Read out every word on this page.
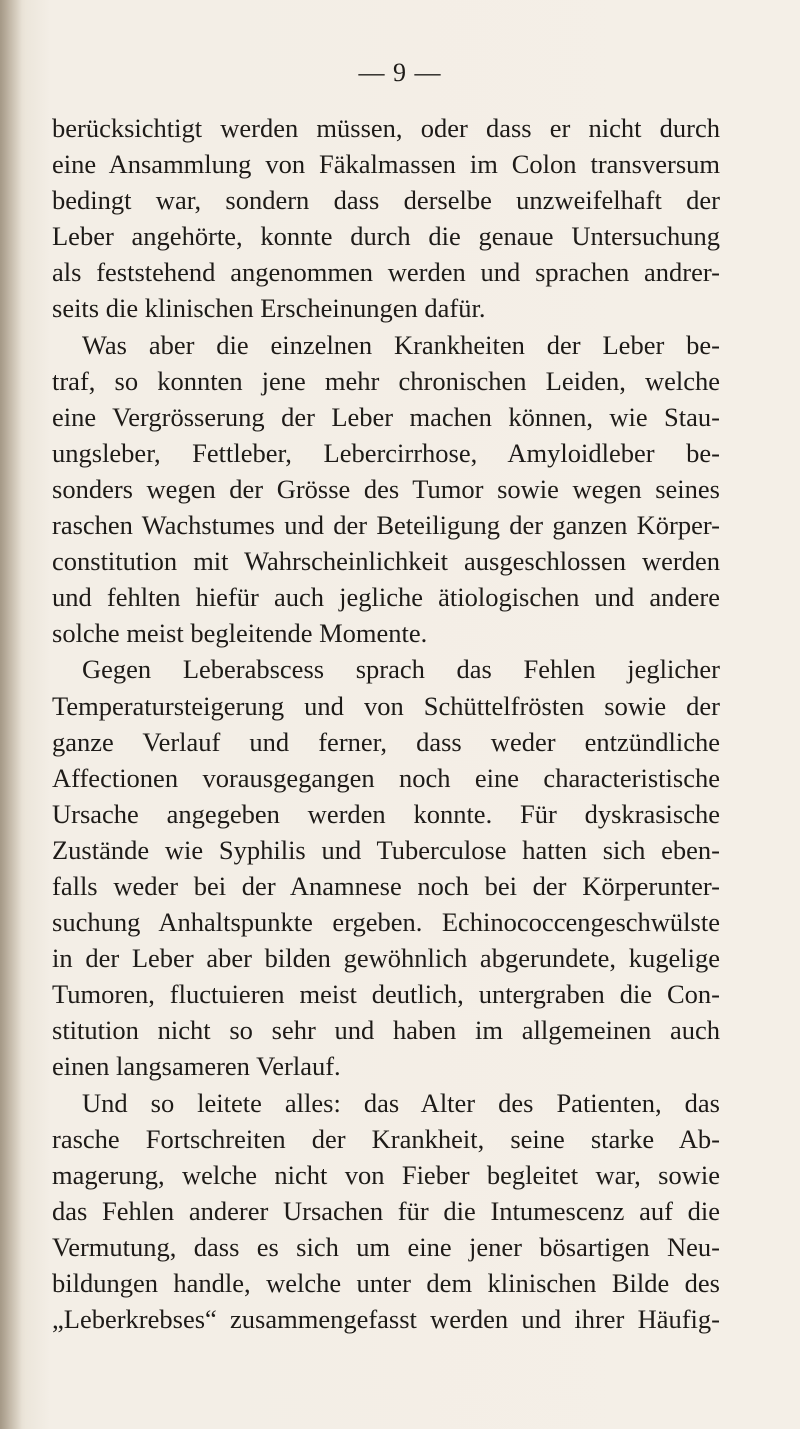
— 9 —
berücksichtigt werden müssen, oder dass er nicht durch
eine Ansammlung von Fäkalmassen im Colon transversum
bedingt war, sondern dass derselbe unzweifelhaft der
Leber angehörte, konnte durch die genaue Untersuchung
als feststehend angenommen werden und sprachen andrer-
seits die klinischen Erscheinungen dafür.
Was aber die einzelnen Krankheiten der Leber be-
traf, so konnten jene mehr chronischen Leiden, welche
eine Vergrösserung der Leber machen können, wie Stau-
ungsleber, Fettleber, Lebercirrhose, Amyloidleber be-
sonders wegen der Grösse des Tumor sowie wegen seines
raschen Wachstumes und der Beteiligung der ganzen Körper-
constitution mit Wahrscheinlichkeit ausgeschlossen werden
und fehlten hiefür auch jegliche ätiologischen und andere
solche meist begleitende Momente.
Gegen Leberabscess sprach das Fehlen jeglicher
Temperatursteigerung und von Schüttelfrösten sowie der
ganze Verlauf und ferner, dass weder entzündliche
Affectionen vorausgegangen noch eine characteristische
Ursache angegeben werden konnte. Für dyskrasische
Zustände wie Syphilis und Tuberculose hatten sich eben-
falls weder bei der Anamnese noch bei der Körperunter-
suchung Anhaltspunkte ergeben. Echinococcengeschwülste
in der Leber aber bilden gewöhnlich abgerundete, kugelige
Tumoren, fluctuieren meist deutlich, untergraben die Con-
stitution nicht so sehr und haben im allgemeinen auch
einen langsameren Verlauf.
Und so leitete alles: das Alter des Patienten, das
rasche Fortschreiten der Krankheit, seine starke Ab-
magerung, welche nicht von Fieber begleitet war, sowie
das Fehlen anderer Ursachen für die Intumescenz auf die
Vermutung, dass es sich um eine jener bösartigen Neu-
bildungen handle, welche unter dem klinischen Bilde des
„Leberkrebses“ zusammengefasst werden und ihrer Häufig-
